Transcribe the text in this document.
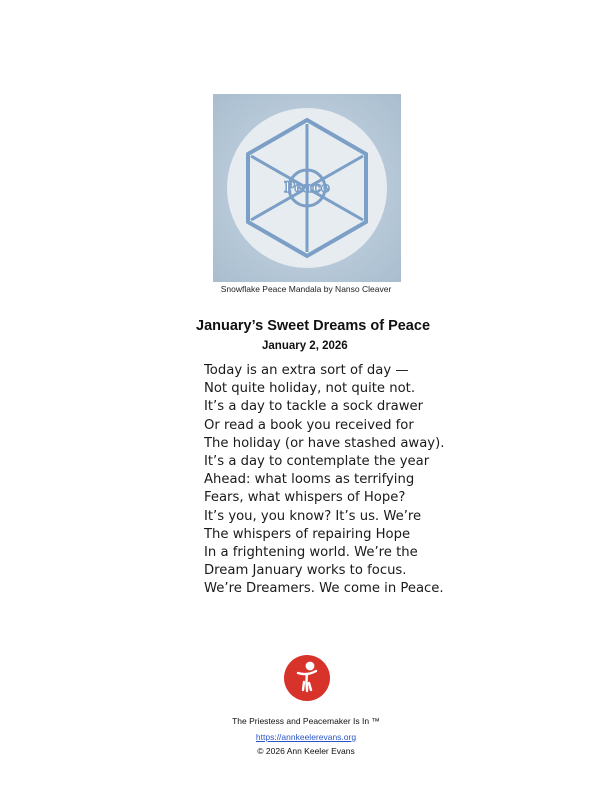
Peace
Snowflake Peace Mandala by Nanso Cleaver
January’s Sweet Dreams of Peace
January 2, 2026
Today is an extra sort of day —
Not quite holiday, not quite not.
It’s a day to tackle a sock drawer
Or read a book you received for
The holiday (or have stashed away).
It’s a day to contemplate the year
Ahead: what looms as terrifying
Fears, what whispers of Hope?
It’s you, you know? It’s us. We’re
The whispers of repairing Hope
In a frightening world. We’re the
Dream January works to focus.
We’re Dreamers. We come in Peace.
The Priestess and Peacemaker Is In ™
https://annkeelerevans.org
© 2026 Ann Keeler Evans
